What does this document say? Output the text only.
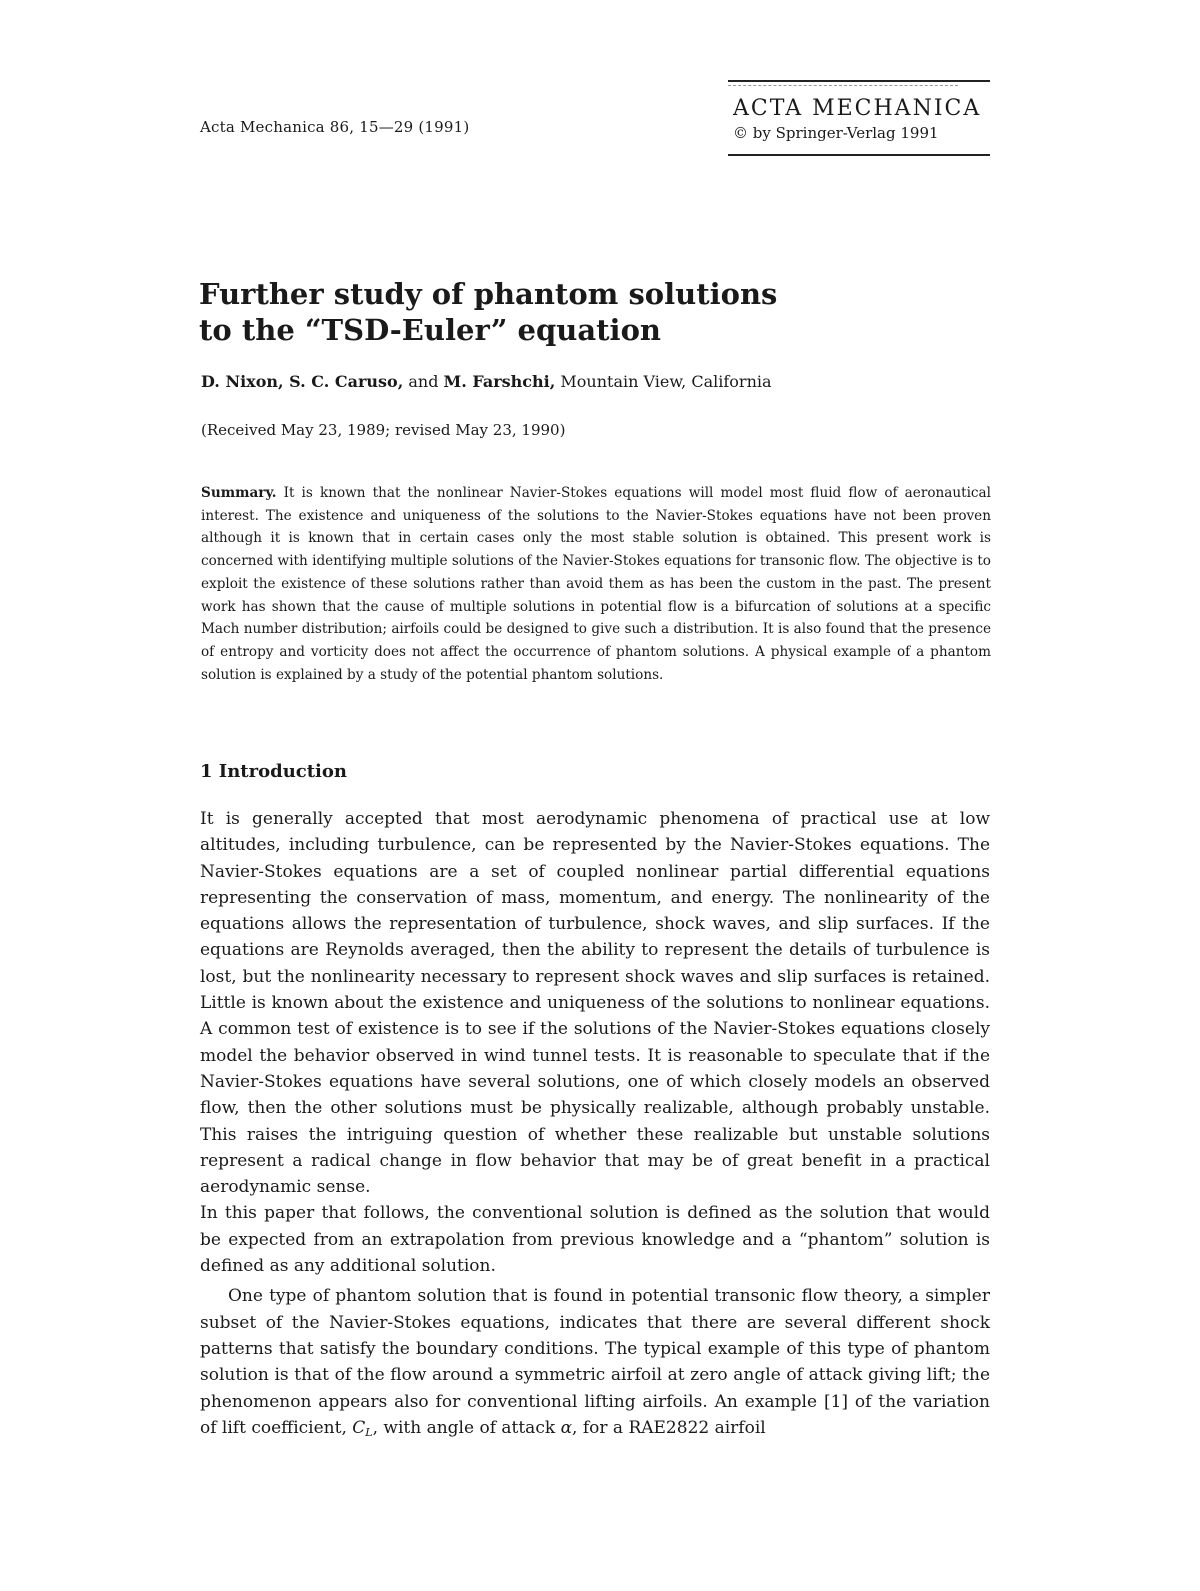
Acta Mechanica 86, 15—29 (1991)
ACTA MECHANICA
© by Springer-Verlag 1991
Further study of phantom solutions
to the “TSD-Euler” equation
D. Nixon, S. C. Caruso, and M. Farshchi, Mountain View, California
(Received May 23, 1989; revised May 23, 1990)
Summary. It is known that the nonlinear Navier-Stokes equations will model most fluid flow of aeronautical interest. The existence and uniqueness of the solutions to the Navier-Stokes equations have not been proven although it is known that in certain cases only the most stable solution is obtained. This present work is concerned with identifying multiple solutions of the Navier-Stokes equations for transonic flow. The objective is to exploit the existence of these solutions rather than avoid them as has been the custom in the past. The present work has shown that the cause of multiple solutions in potential flow is a bifurcation of solutions at a specific Mach number distribution; airfoils could be designed to give such a distribution. It is also found that the presence of entropy and vorticity does not affect the occurrence of phantom solutions. A physical example of a phantom solution is explained by a study of the potential phantom solutions.
1 Introduction

It is generally accepted that most aerodynamic phenomena of practical use at low altitudes, including turbulence, can be represented by the Navier-Stokes equations. The Navier-Stokes equations are a set of coupled nonlinear partial differential equations representing the conservation of mass, momentum, and energy. The nonlinearity of the equations allows the representation of turbulence, shock waves, and slip surfaces. If the equations are Reynolds averaged, then the ability to represent the details of turbulence is lost, but the nonlinearity necessary to represent shock waves and slip surfaces is retained. Little is known about the existence and uniqueness of the solutions to nonlinear equations. A common test of existence is to see if the solutions of the Navier-Stokes equations closely model the behavior observed in wind tunnel tests. It is reasonable to speculate that if the Navier-Stokes equations have several solutions, one of which closely models an observed flow, then the other solutions must be physically realizable, although probably unstable. This raises the intriguing question of whether these realizable but unstable solutions represent a radical change in flow behavior that may be of great benefit in a practical aerodynamic sense.

In this paper that follows, the conventional solution is defined as the solution that would be expected from an extrapolation from previous knowledge and a “phantom” solution is defined as any additional solution.

One type of phantom solution that is found in potential transonic flow theory, a simpler subset of the Navier-Stokes equations, indicates that there are several different shock patterns that satisfy the boundary conditions. The typical example of this type of phantom solution is that of the flow around a symmetric airfoil at zero angle of attack giving lift; the phenomenon appears also for conventional lifting airfoils. An example [1] of the variation of lift coefficient, $C_L$, with angle of attack α, for a RAE2822 airfoil
